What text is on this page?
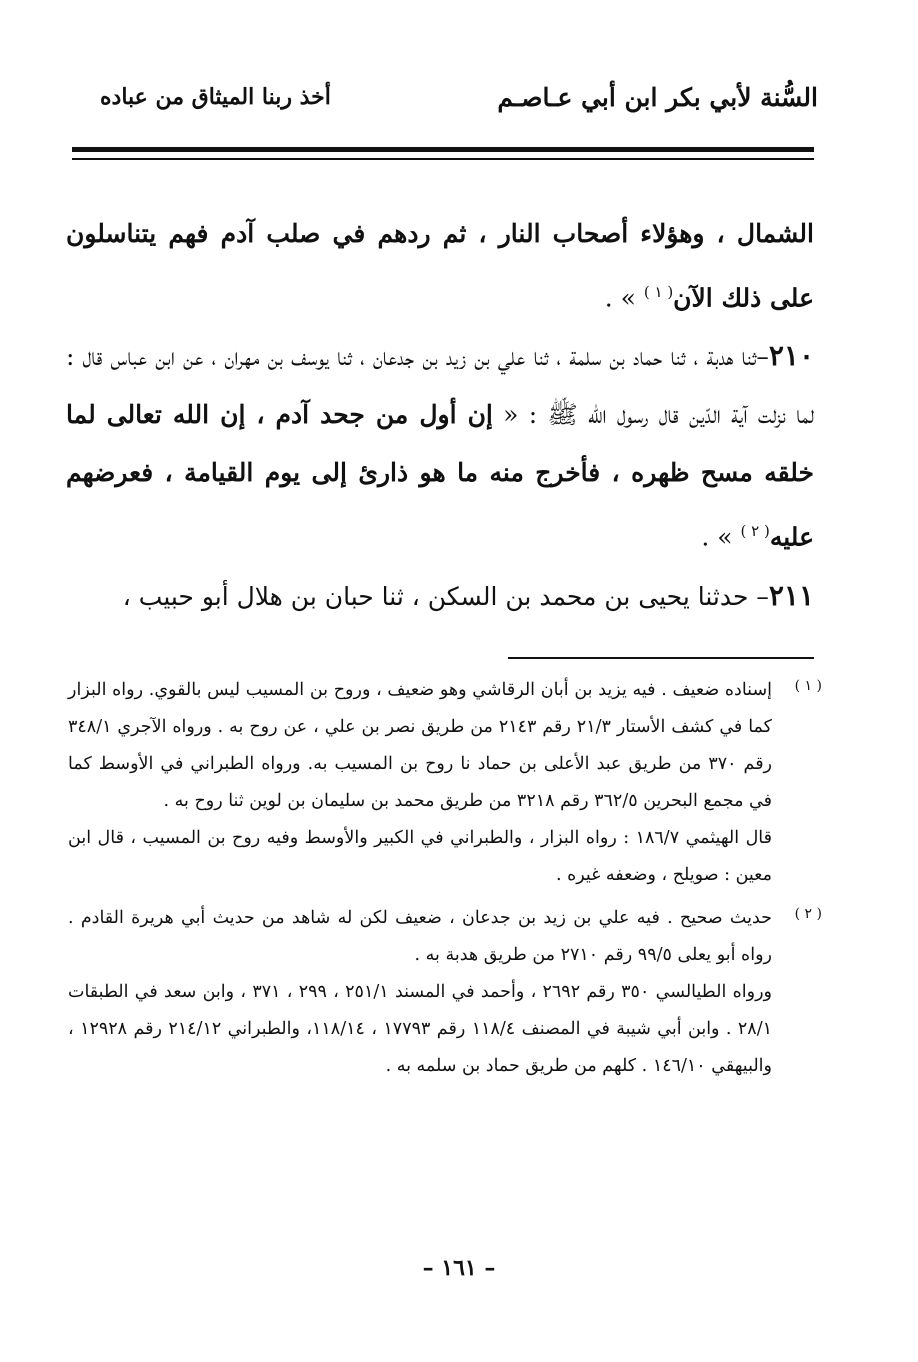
السُّنة لأبي بكر ابن أبي عـاصـم
أخذ ربنا الميثاق من عباده

الشمال ، وهؤلاء أصحاب النار ، ثم ردهم في صلب آدم فهم يتناسلون على ذلك الآن$^{( ١ )}$ » .

٢١٠–ثنا هدبة ، ثنا حماد بن سلمة ، ثنا علي بن زيد بن جدعان ، ثنا يوسف بن مهران ، عن ابن عباس قال : لما نزلت آية الدّين قال رسول الله ﷺ : « إن أول من جحد آدم ، إن الله تعالى لما خلقه مسح ظهره ، فأخرج منه ما هو ذارئ إلى يوم القيامة ، فعرضهم عليه$^{( ٢ )}$ » .

٢١١– حدثنا يحيى بن محمد بن السكن ، ثنا حبان بن هلال أبو حبيب ،

( ١ )

إسناده ضعيف . فيه يزيد بن أبان الرقاشي وهو ضعيف ، وروح بن المسيب ليس بالقوي. رواه البزار كما في كشف الأستار ٢١/٣ رقم ٢١٤٣ من طريق نصر بن علي ، عن روح به . ورواه الآجري ٣٤٨/١ رقم ٣٧٠ من طريق عبد الأعلى بن حماد نا روح بن المسيب به. ورواه الطبراني في الأوسط كما في مجمع البحرين ٣٦٢/٥ رقم ٣٢١٨ من طريق محمد بن سليمان بن لوين ثنا روح به .

قال الهيثمي ١٨٦/٧ : رواه البزار ، والطبراني في الكبير والأوسط وفيه روح بن المسيب ، قال ابن معين : صويلح ، وضعفه غيره .

( ٢ )

حديث صحيح . فيه علي بن زيد بن جدعان ، ضعيف لكن له شاهد من حديث أبي هريرة القادم . رواه أبو يعلى ٩٩/٥ رقم ٢٧١٠ من طريق هدبة به .

ورواه الطيالسي ٣٥٠ رقم ٢٦٩٢ ، وأحمد في المسند ٢٥١/١ ، ٢٩٩ ، ٣٧١ ، وابن سعد في الطبقات ٢٨/١ . وابن أبي شيبة في المصنف ١١٨/٤ رقم ١٧٧٩٣ ، ١١٨/١٤، والطبراني ٢١٤/١٢ رقم ١٢٩٢٨ ، والبيهقي ١٤٦/١٠ . كلهم من طريق حماد بن سلمه به .

– ١٦١ –
